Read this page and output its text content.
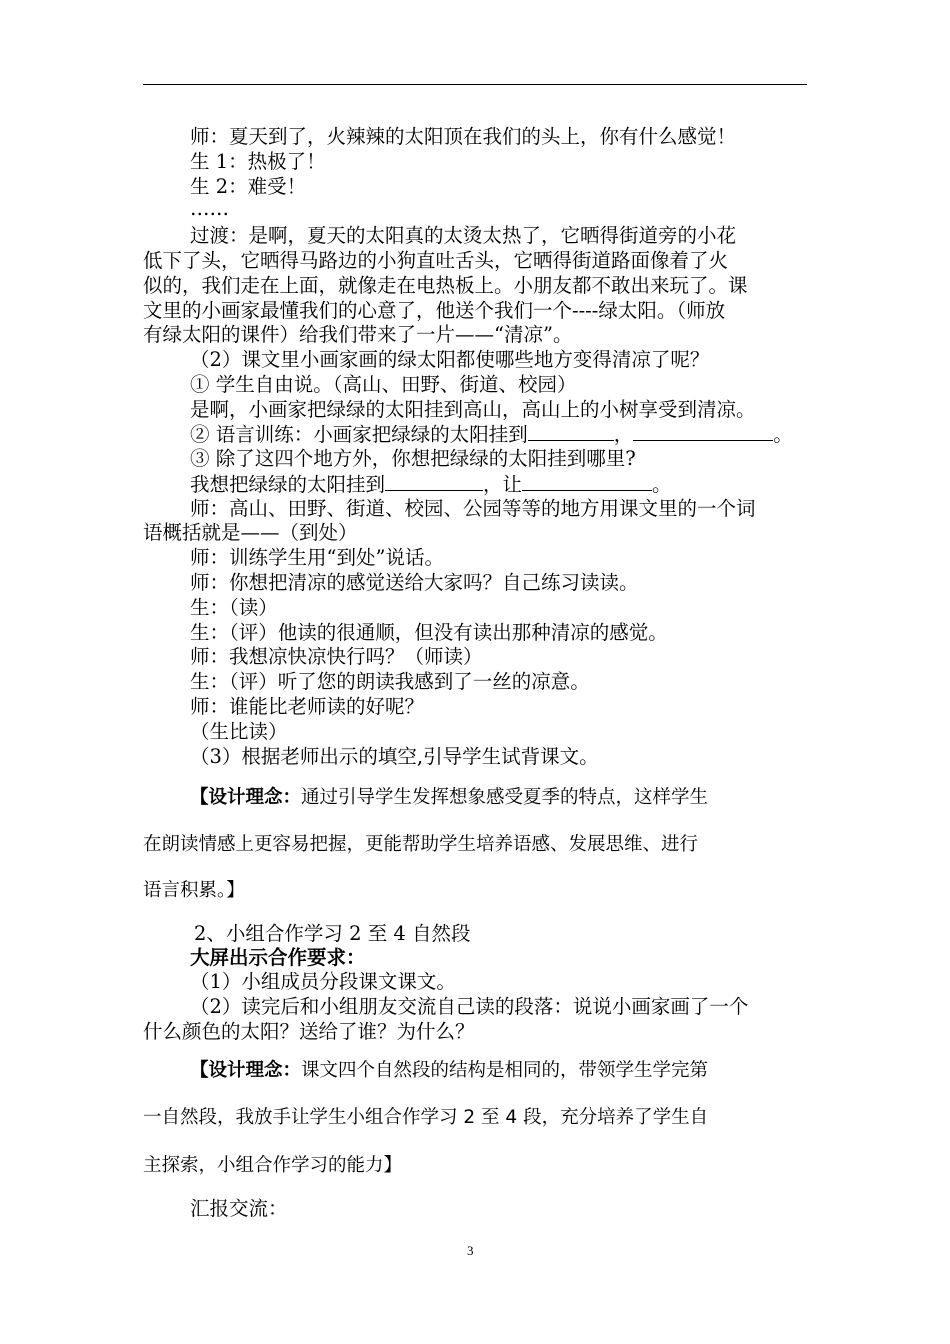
师：夏天到了，火辣辣的太阳顶在我们的头上，你有什么感觉！
生 1：热极了！
生 2：难受！
……
过渡：是啊，夏天的太阳真的太烫太热了，它晒得街道旁的小花
低下了头，它晒得马路边的小狗直吐舌头，它晒得街道路面像着了火
似的，我们走在上面，就像走在电热板上。小朋友都不敢出来玩了。课
文里的小画家最懂我们的心意了，他送个我们一个----绿太阳。（师放
有绿太阳的课件）给我们带来了一片——“清凉”。
（2）课文里小画家画的绿太阳都使哪些地方变得清凉了呢？
① 学生自由说。（高山、田野、街道、校园）
是啊，小画家把绿绿的太阳挂到高山，高山上的小树享受到清凉。
② 语言训练：小画家把绿绿的太阳挂到	，	。
③ 除了这四个地方外，你想把绿绿的太阳挂到哪里?
我想把绿绿的太阳挂到	，让	。
师：高山、田野、街道、校园、公园等等的地方用课文里的一个词
语概括就是——（到处）
师：训练学生用“到处”说话。
师：你想把清凉的感觉送给大家吗？自己练习读读。
生：（读）
生：（评）他读的很通顺，但没有读出那种清凉的感觉。
师：我想凉快凉快行吗？（师读）
生：（评）听了您的朗读我感到了一丝的凉意。
师：谁能比老师读的好呢？
（生比读）
（3）根据老师出示的填空,引导学生试背课文。
【设计理念：通过引导学生发挥想象感受夏季的特点，这样学生
在朗读情感上更容易把握，更能帮助学生培养语感、发展思维、进行
语言积累。】
2、小组合作学习 2 至 4 自然段
大屏出示合作要求：
（1）小组成员分段课文课文。
（2）读完后和小组朋友交流自己读的段落：说说小画家画了一个
什么颜色的太阳？送给了谁？为什么？
【设计理念：课文四个自然段的结构是相同的，带领学生学完第
一自然段，我放手让学生小组合作学习 2 至 4 段，充分培养了学生自
主探索，小组合作学习的能力】
汇报交流：
3
